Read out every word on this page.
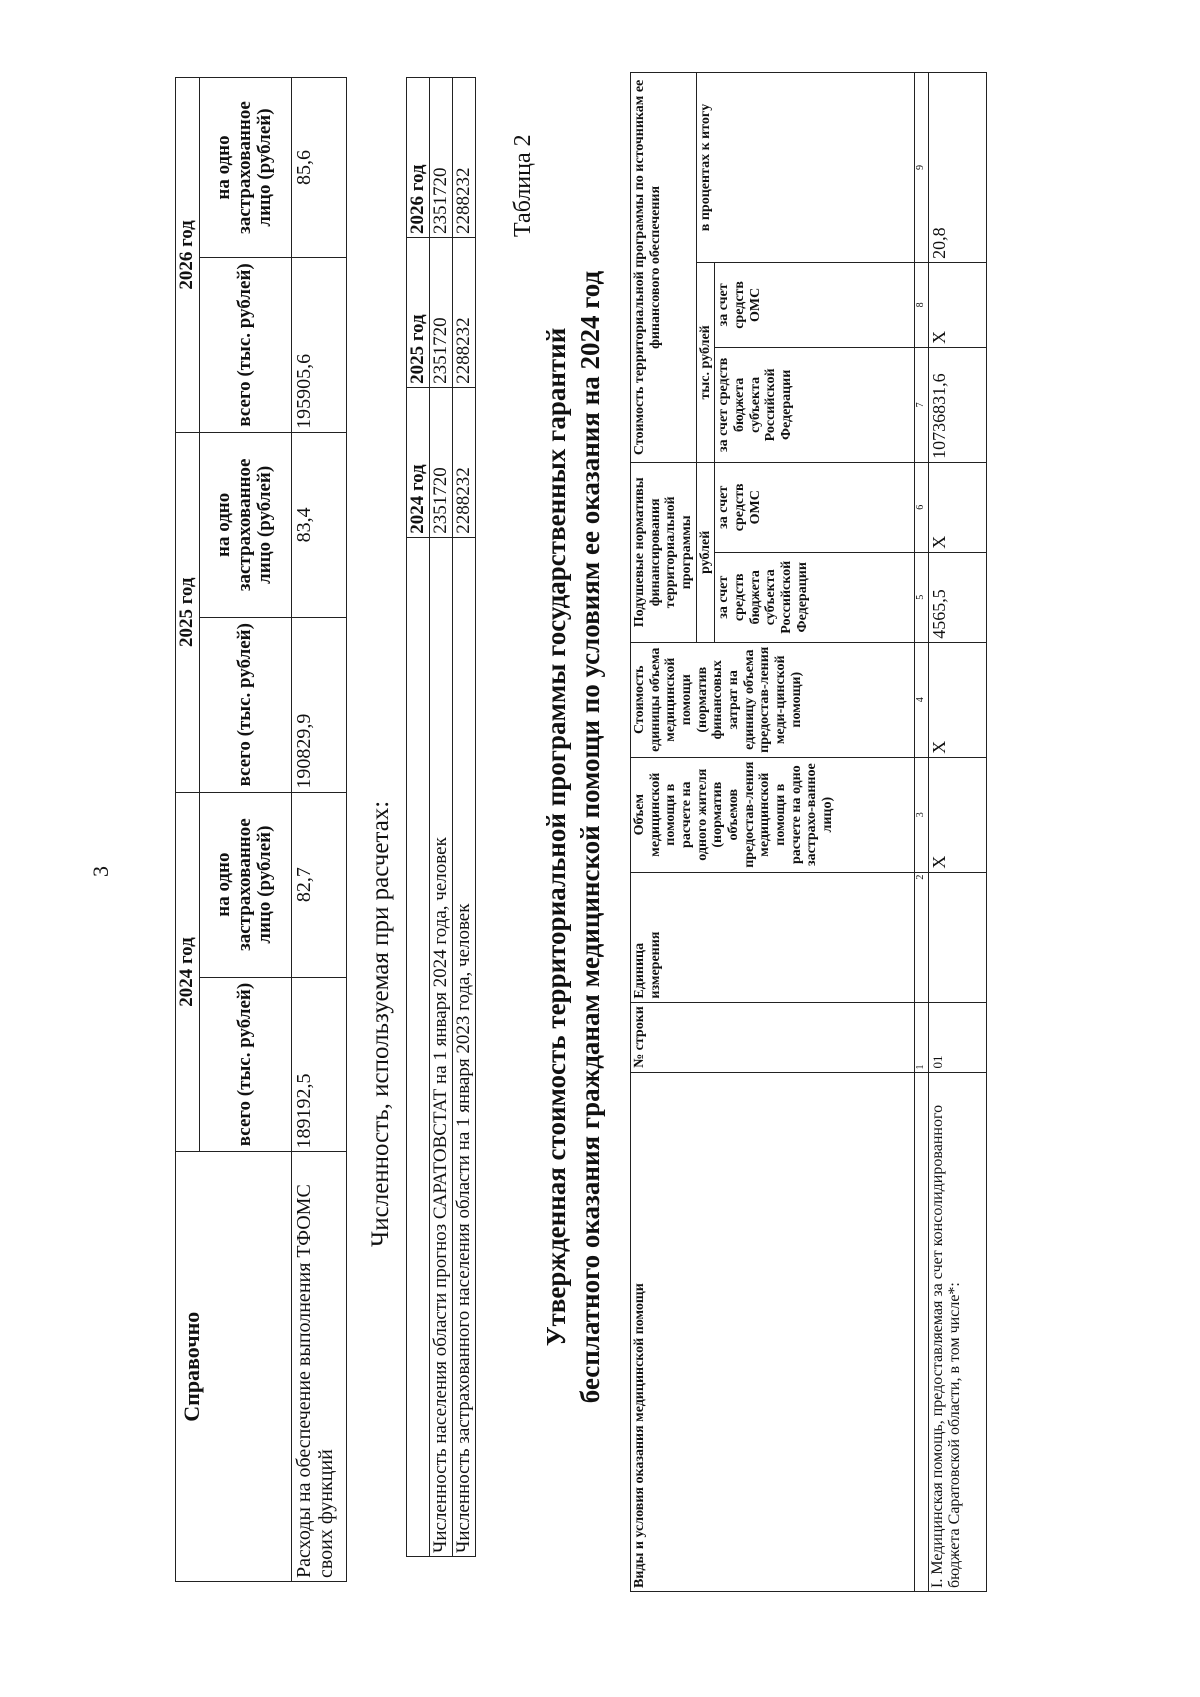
3
Справочно	2024 год		2025 год		2026 год	
	всего (тыс. рублей)	на одно застрахованное лицо (рублей)	всего (тыс. рублей)	на одно застрахованное лицо (рублей)	всего (тыс. рублей)	на одно застрахованное лицо (рублей)
Расходы на обеспечение выполнения ТФОМС своих функций	189192,5	82,7	190829,9	83,4	195905,6	85,6
Численность, используемая при расчетах:
	2024 год	2025 год	2026 год
Численность населения области прогноз САРАТОВСТАТ на 1 января 2024 года, человек	2351720	2351720	2351720
Численность застрахованного населения области на 1 января 2023 года, человек	2288232	2288232	2288232 Таблица 2
Утвержденная стоимость территориальной программы государственных гарантий бесплатного оказания гражданам медицинской помощи по условиям ее оказания на 2024 год
Виды и условия оказания медицинской помощи	№ строки	Единица измерения	Объем медицинской помощи в расчете на одного жителя (норматив объемов предостав-ления медицинской помощи в расчете на одно застрахо-ванное лицо)	Стоимость единицы объема медицинской помощи (норматив финансовых затрат на единицу объема предостав-ления меди-цинской помощи)	Подушевые нормативы финансирования территориальной программы		Стоимость территориальной программы по источникам ее финансового обеспечения		
					рублей		тыс. рублей		в процентах к итогу
					за счет средств бюджета субъекта Российской Федерации	за счет средств ОМС	за счет средств бюджета субъекта Российской Федерации	за счет средств ОМС	
	1	2	3	4	5	6	7	8	9
I. Медицинская помощь, предоставляемая за счет консолидированного бюджета Саратовской области, в том числе*:	01		Х	Х	4565,5	Х	10736831,6	Х	20,8
